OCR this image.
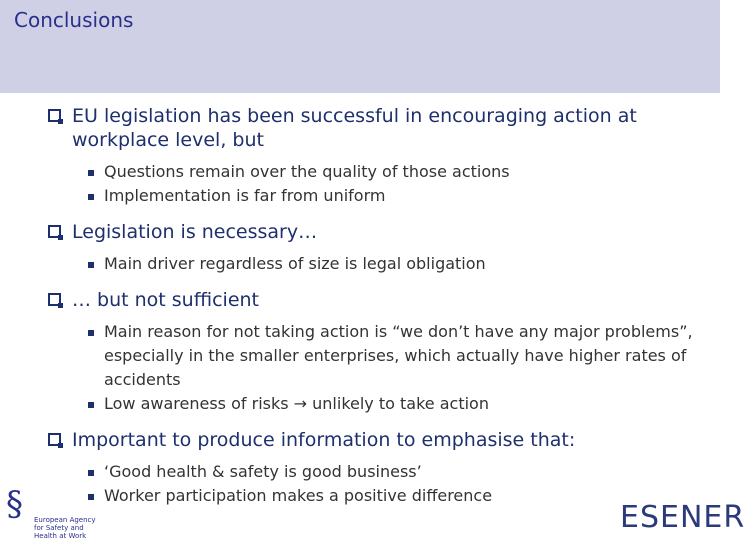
Conclusions
EU legislation has been successful in encouraging action at workplace level, but
Questions remain over the quality of those actions
Implementation is far from uniform
Legislation is necessary…
Main driver regardless of size is legal obligation
… but not sufficient
Main reason for not taking action is “we don’t have any major problems”, especially in the smaller enterprises, which actually have higher rates of accidents
Low awareness of risks → unlikely to take action
Important to produce information to emphasise that:
‘Good health & safety is good business’
Worker participation makes a positive difference
§ European Agency for Safety and Health at Work
ESENER
